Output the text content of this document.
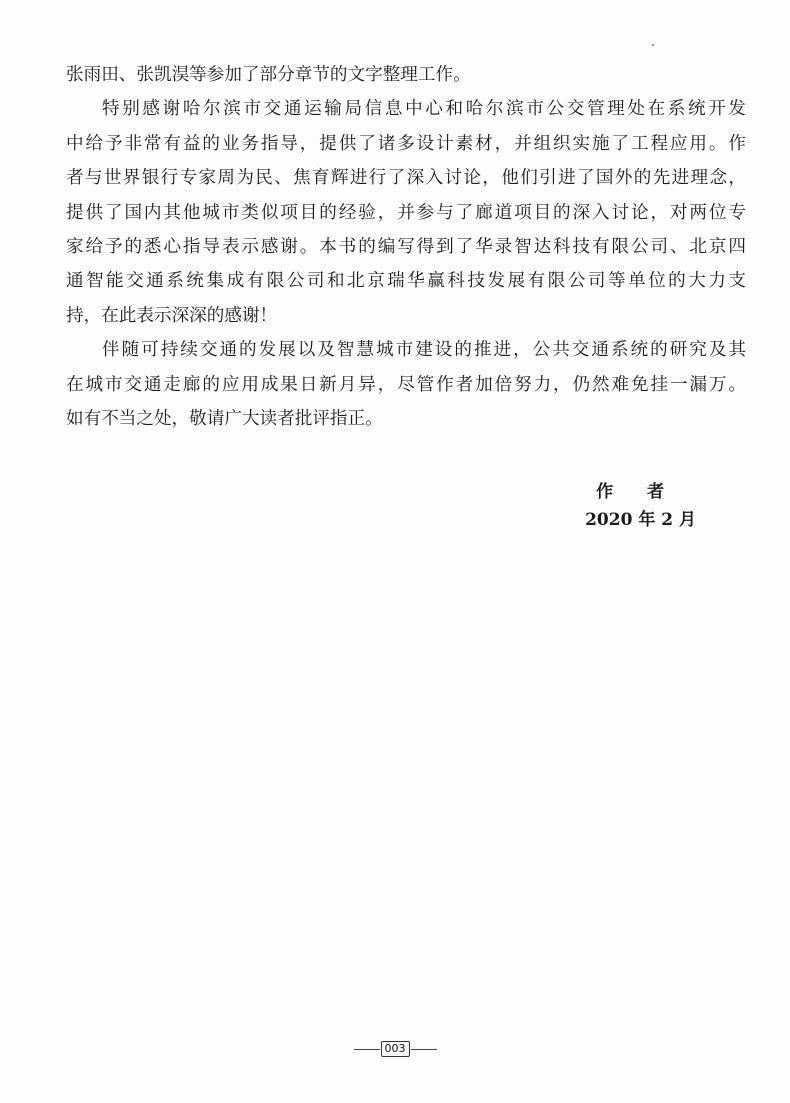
张雨田、张凯淏等参加了部分章节的文字整理工作。
特别感谢哈尔滨市交通运输局信息中心和哈尔滨市公交管理处在系统开发
中给予非常有益的业务指导，提供了诸多设计素材，并组织实施了工程应用。作
者与世界银行专家周为民、焦育辉进行了深入讨论，他们引进了国外的先进理念，
提供了国内其他城市类似项目的经验，并参与了廊道项目的深入讨论，对两位专
家给予的悉心指导表示感谢。本书的编写得到了华录智达科技有限公司、北京四
通智能交通系统集成有限公司和北京瑞华赢科技发展有限公司等单位的大力支
持，在此表示深深的感谢！
伴随可持续交通的发展以及智慧城市建设的推进，公共交通系统的研究及其
在城市交通走廊的应用成果日新月异，尽管作者加倍努力，仍然难免挂一漏万。
如有不当之处，敬请广大读者批评指正。
作 者
2020 年 2 月
003
